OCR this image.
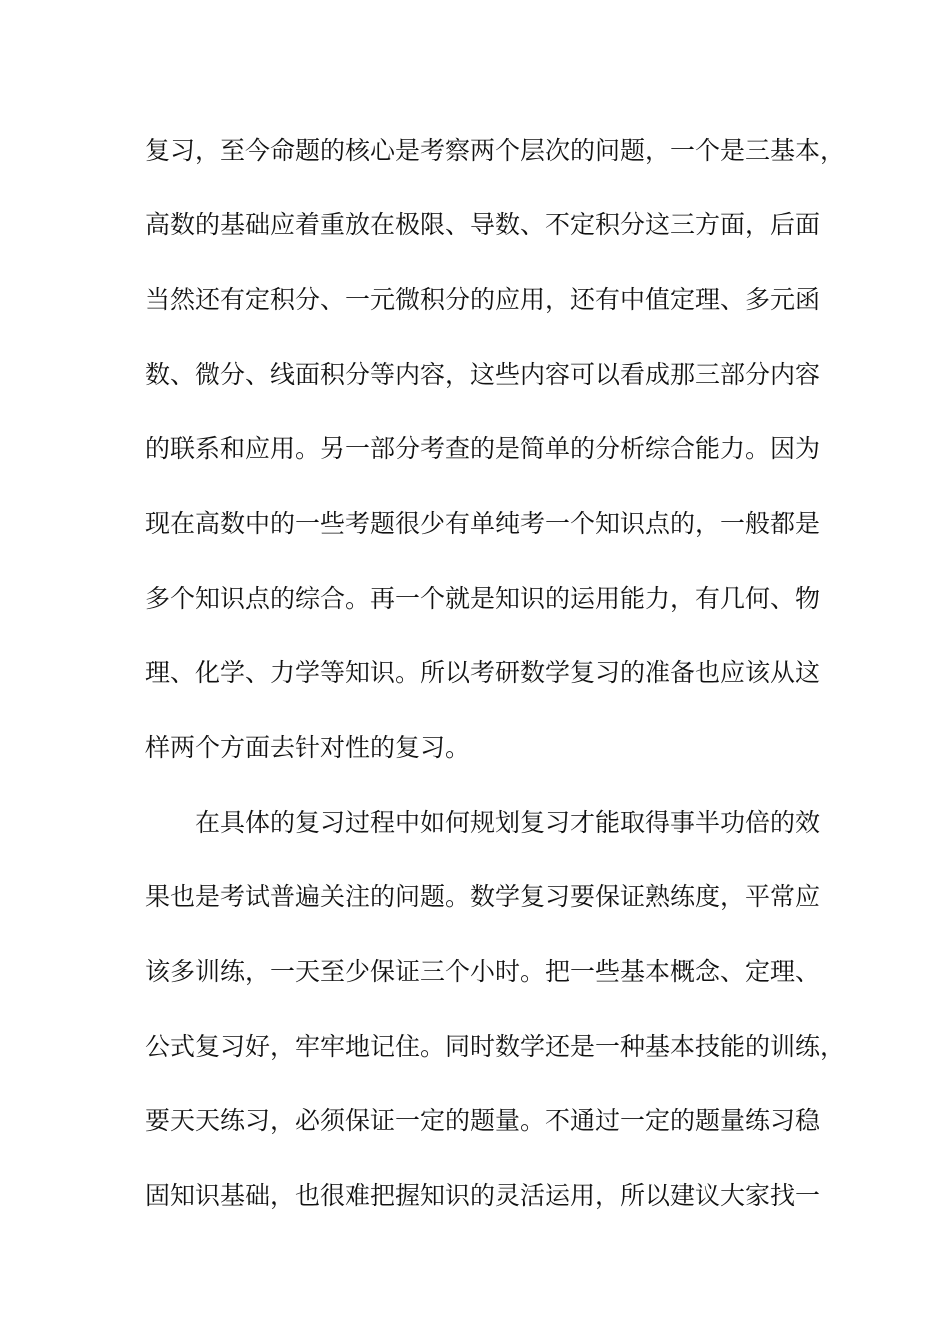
复习，至今命题的核心是考察两个层次的问题，一个是三基本，
高数的基础应着重放在极限、导数、不定积分这三方面，后面
当然还有定积分、一元微积分的应用，还有中值定理、多元函
数、微分、线面积分等内容，这些内容可以看成那三部分内容
的联系和应用。另一部分考查的是简单的分析综合能力。因为
现在高数中的一些考题很少有单纯考一个知识点的，一般都是
多个知识点的综合。再一个就是知识的运用能力，有几何、物
理、化学、力学等知识。所以考研数学复习的准备也应该从这
样两个方面去针对性的复习。
在具体的复习过程中如何规划复习才能取得事半功倍的效
果也是考试普遍关注的问题。数学复习要保证熟练度，平常应
该多训练，一天至少保证三个小时。把一些基本概念、定理、
公式复习好，牢牢地记住。同时数学还是一种基本技能的训练，
要天天练习，必须保证一定的题量。不通过一定的题量练习稳
固知识基础，也很难把握知识的灵活运用，所以建议大家找一
